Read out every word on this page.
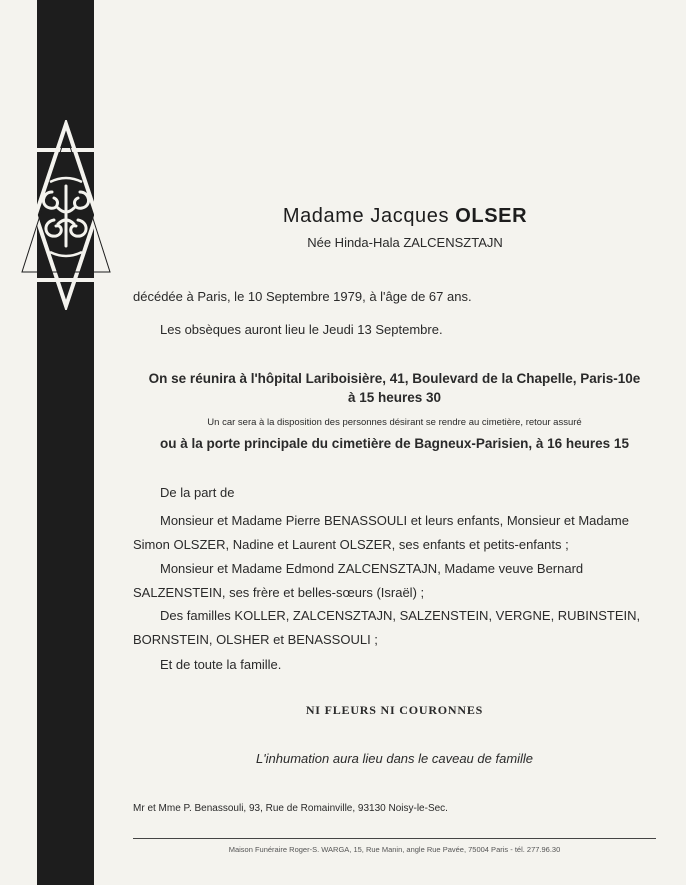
Madame Jacques OLSER
Née Hinda-Hala ZALCENSZTAJN
décédée à Paris, le 10 Septembre 1979, à l'âge de 67 ans.
Les obsèques auront lieu le Jeudi 13 Septembre.
On se réunira à l'hôpital Lariboisière, 41, Boulevard de la Chapelle, Paris-10e
à 15 heures 30
Un car sera à la disposition des personnes désirant se rendre au cimetière, retour assuré
ou à la porte principale du cimetière de Bagneux-Parisien, à 16 heures 15
De la part de
Monsieur et Madame Pierre BENASSOULI et leurs enfants, Monsieur et Madame
Simon OLSZER, Nadine et Laurent OLSZER, ses enfants et petits-enfants ;
Monsieur et Madame Edmond ZALCENSZTAJN, Madame veuve Bernard
SALZENSTEIN, ses frère et belles-sœurs (Israël) ;
Des familles KOLLER, ZALCENSZTAJN, SALZENSTEIN, VERGNE, RUBINSTEIN,
BORNSTEIN, OLSHER et BENASSOULI ;
Et de toute la famille.
NI FLEURS NI COURONNES
L'inhumation aura lieu dans le caveau de famille
Mr et Mme P. Benassouli, 93, Rue de Romainville, 93130 Noisy-le-Sec.
Maison Funéraire Roger-S. WARGA, 15, Rue Manin, angle Rue Pavée, 75004 Paris - tél. 277.96.30
